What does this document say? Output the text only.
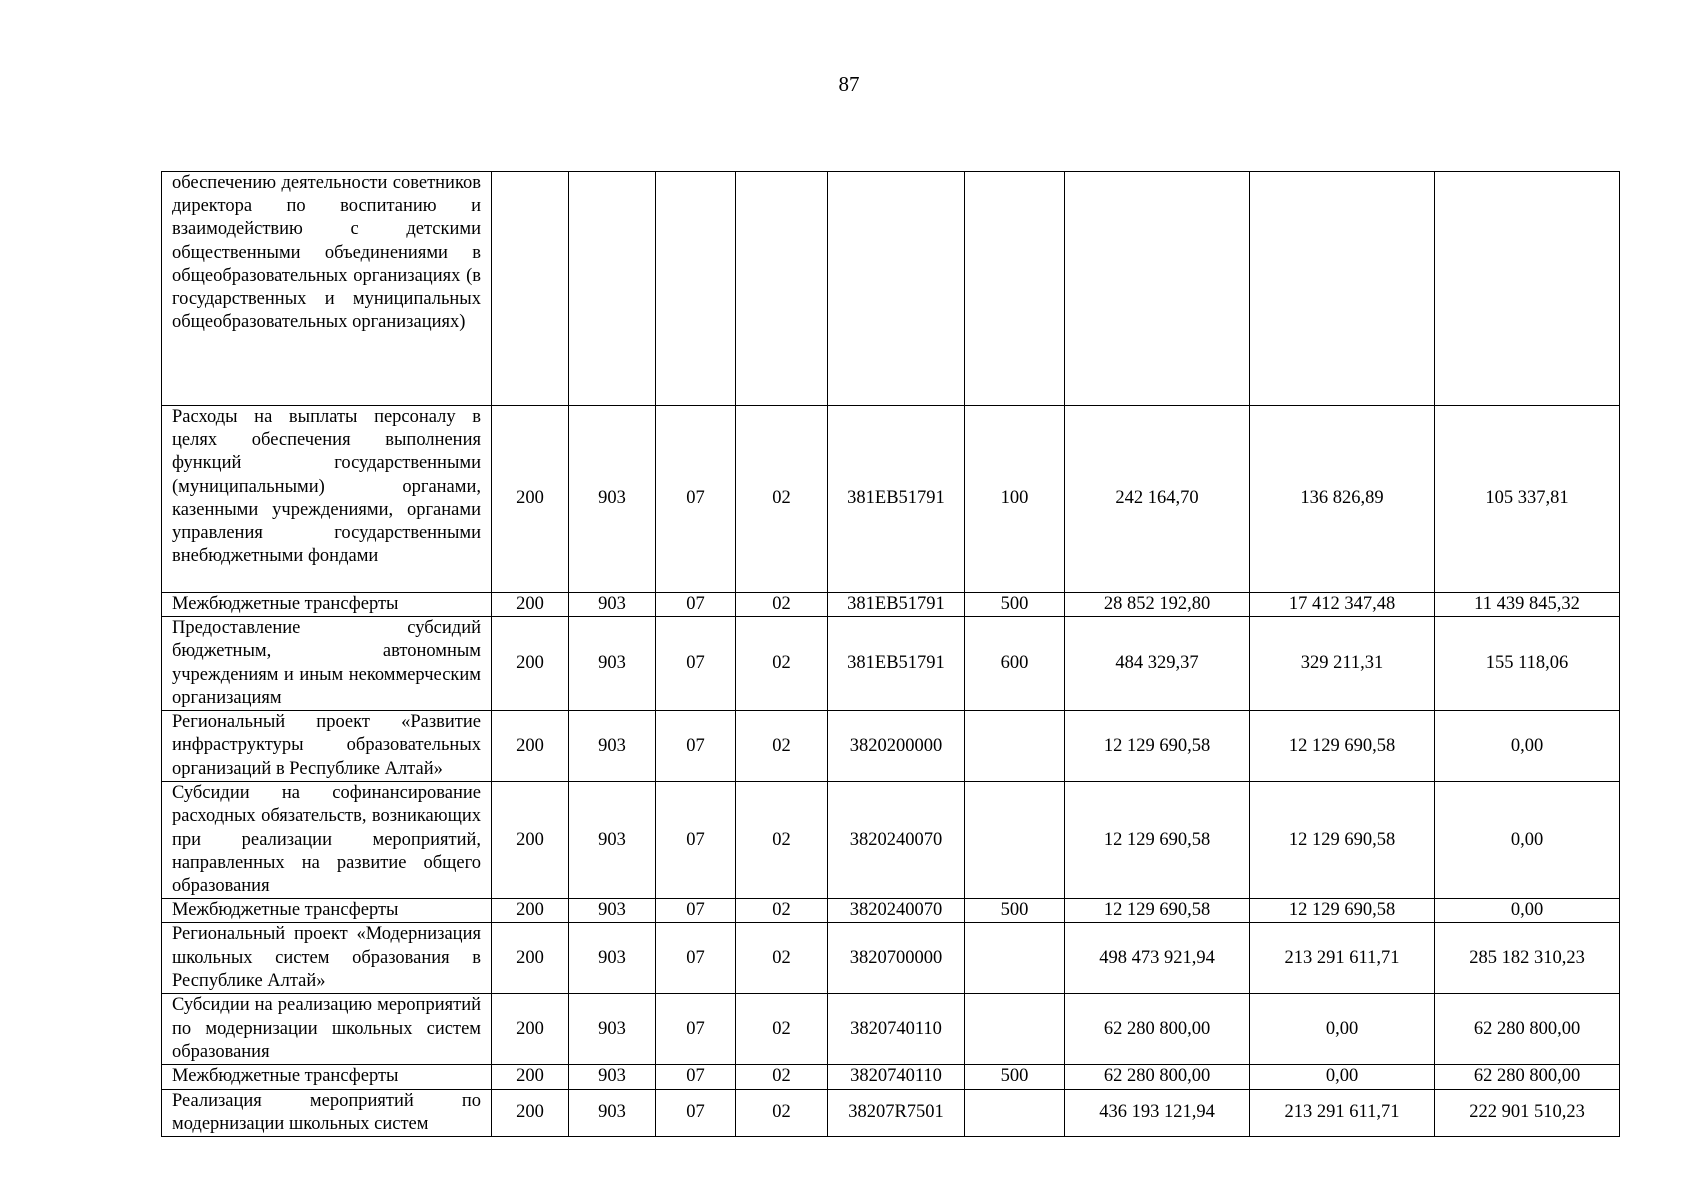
87
обеспечению деятельности советников директора по воспитанию и взаимодействию с детскими общественными объединениями в общеобразовательных организациях (в государственных и муниципальных общеобразовательных организациях)									
Расходы на выплаты персоналу в целях обеспечения выполнения функций государственными (муниципальными) органами, казенными учреждениями, органами управления государственными внебюджетными фондами	200	903	07	02	381EB51791	100	242 164,70	136 826,89	105 337,81
Межбюджетные трансферты	200	903	07	02	381EB51791	500	28 852 192,80	17 412 347,48	11 439 845,32
Предоставление субсидий бюджетным, автономным учреждениям и иным некоммерческим организациям	200	903	07	02	381EB51791	600	484 329,37	329 211,31	155 118,06
Региональный проект «Развитие инфраструктуры образовательных организаций в Республике Алтай»	200	903	07	02	3820200000		12 129 690,58	12 129 690,58	0,00
Субсидии на софинансирование расходных обязательств, возникающих при реализации мероприятий, направленных на развитие общего образования	200	903	07	02	3820240070		12 129 690,58	12 129 690,58	0,00
Межбюджетные трансферты	200	903	07	02	3820240070	500	12 129 690,58	12 129 690,58	0,00
Региональный проект «Модернизация школьных систем образования в Республике Алтай»	200	903	07	02	3820700000		498 473 921,94	213 291 611,71	285 182 310,23
Субсидии на реализацию мероприятий по модернизации школьных систем образования	200	903	07	02	3820740110		62 280 800,00	0,00	62 280 800,00
Межбюджетные трансферты	200	903	07	02	3820740110	500	62 280 800,00	0,00	62 280 800,00
Реализация мероприятий по модернизации школьных систем	200	903	07	02	38207R7501		436 193 121,94	213 291 611,71	222 901 510,23
